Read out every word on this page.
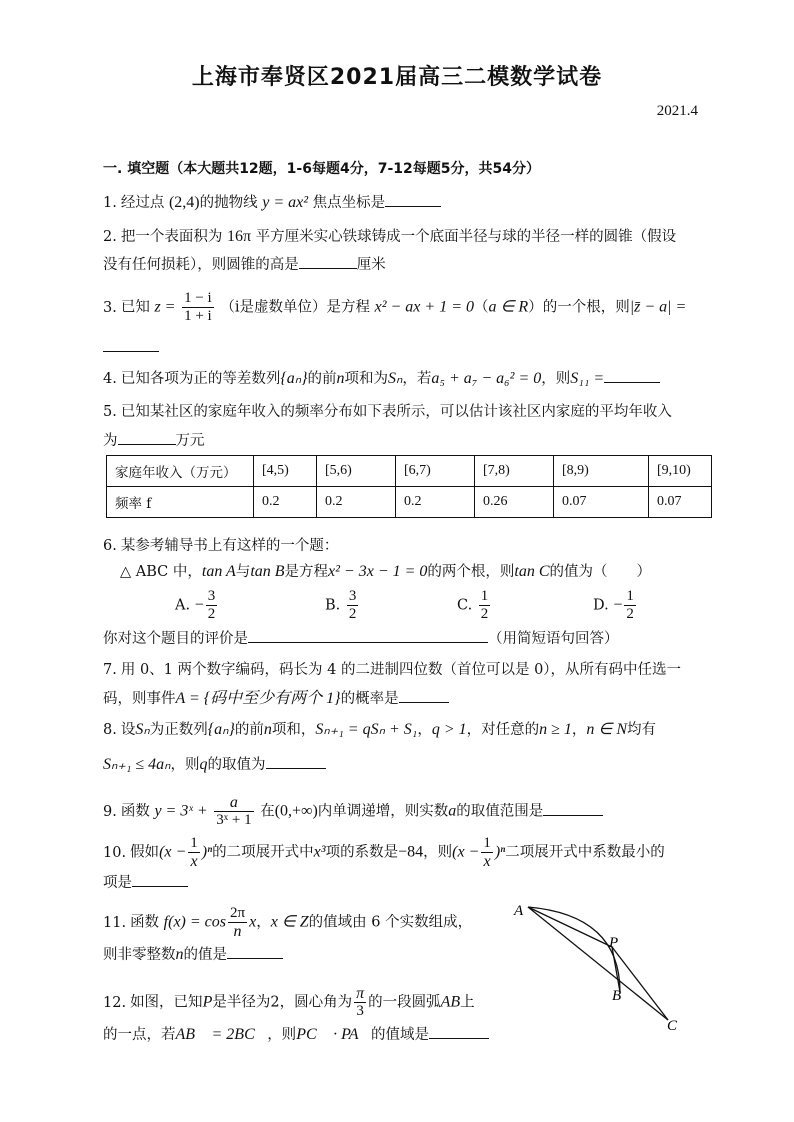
上海市奉贤区2021届高三二模数学试卷
2021.4
一. 填空题（本大题共12题，1-6每题4分，7-12每题5分，共54分）
1. 经过点 (2,4)的抛物线 y = ax² 焦点坐标是
2. 把一个表面积为 16π 平方厘米实心铁球铸成一个底面半径与球的半径一样的圆锥（假设
没有任何损耗），则圆锥的高是	厘米
3. 已知 $z = \frac{1 - i}{1 + i} (i$是虚数单位）是方程 x² − ax + 1 = 0（a ∈ R）的一个根，则|z̄ − a| =
4. 已知各项为正的等差数列{aₙ}的前n项和为Sₙ，若a₅ + a₇ − a₆² = 0，则S₁₁ =
5. 已知某社区的家庭年收入的频率分布如下表所示，可以估计该社区内家庭的平均年收入
为	万元
家庭年收入（万元）	[4,5)	[5,6)	[6,7)	[7,8)	[8,9)	[9,10)
频率 f	0.2	0.2	0.2	0.26	0.07	0.07
6. 某参考辅导书上有这样的一个题：
△ ABC 中，tan A与tan B是方程x² − 3x − 1 = 0的两个根，则tan C的值为（　　）
A. − $\frac{3}{2}$	B. $\frac{3}{2}$	C. $\frac{1}{2}$	D. − $\frac{1}{2}$
你对这个题目的评价是	（用简短语句回答）
7. 用 0、1 两个数字编码，码长为 4 的二进制四位数（首位可以是 0），从所有码中任选一
码，则事件A = {码中至少有两个 1}的概率是
8. 设Sₙ为正数列{aₙ}的前n项和，Sₙ₊₁ = qSₙ + S₁，q > 1，对任意的n ≥ 1，n ∈ N均有
Sₙ₊₁ ≤ 4aₙ，则q的取值为
9. 函数 y = 3ˣ + $\frac{a}{\text{3ˣ + 1}}$ 在(0,+∞)内单调递增，则实数a的取值范围是
10. 假如$(x - \frac{1}{x} )^n$的二项展开式中x³项的系数是−84，则$(x - \frac{1}{x} )^n$二项展开式中系数最小的
项是
11. 函数 $f(x) = \cos \frac{2\pi}{n}$ x，x ∈ Z的值域由 6 个实数组成，
则非零整数n的值是
12. 如图，已知P是半径为2，圆心角为 $\frac{\pi}{3}$ 的一段圆弧AB上
的一点，若AB⃗ = 2BC⃗，则PC⃗ · PA⃗的值域是
A
P
B
C
